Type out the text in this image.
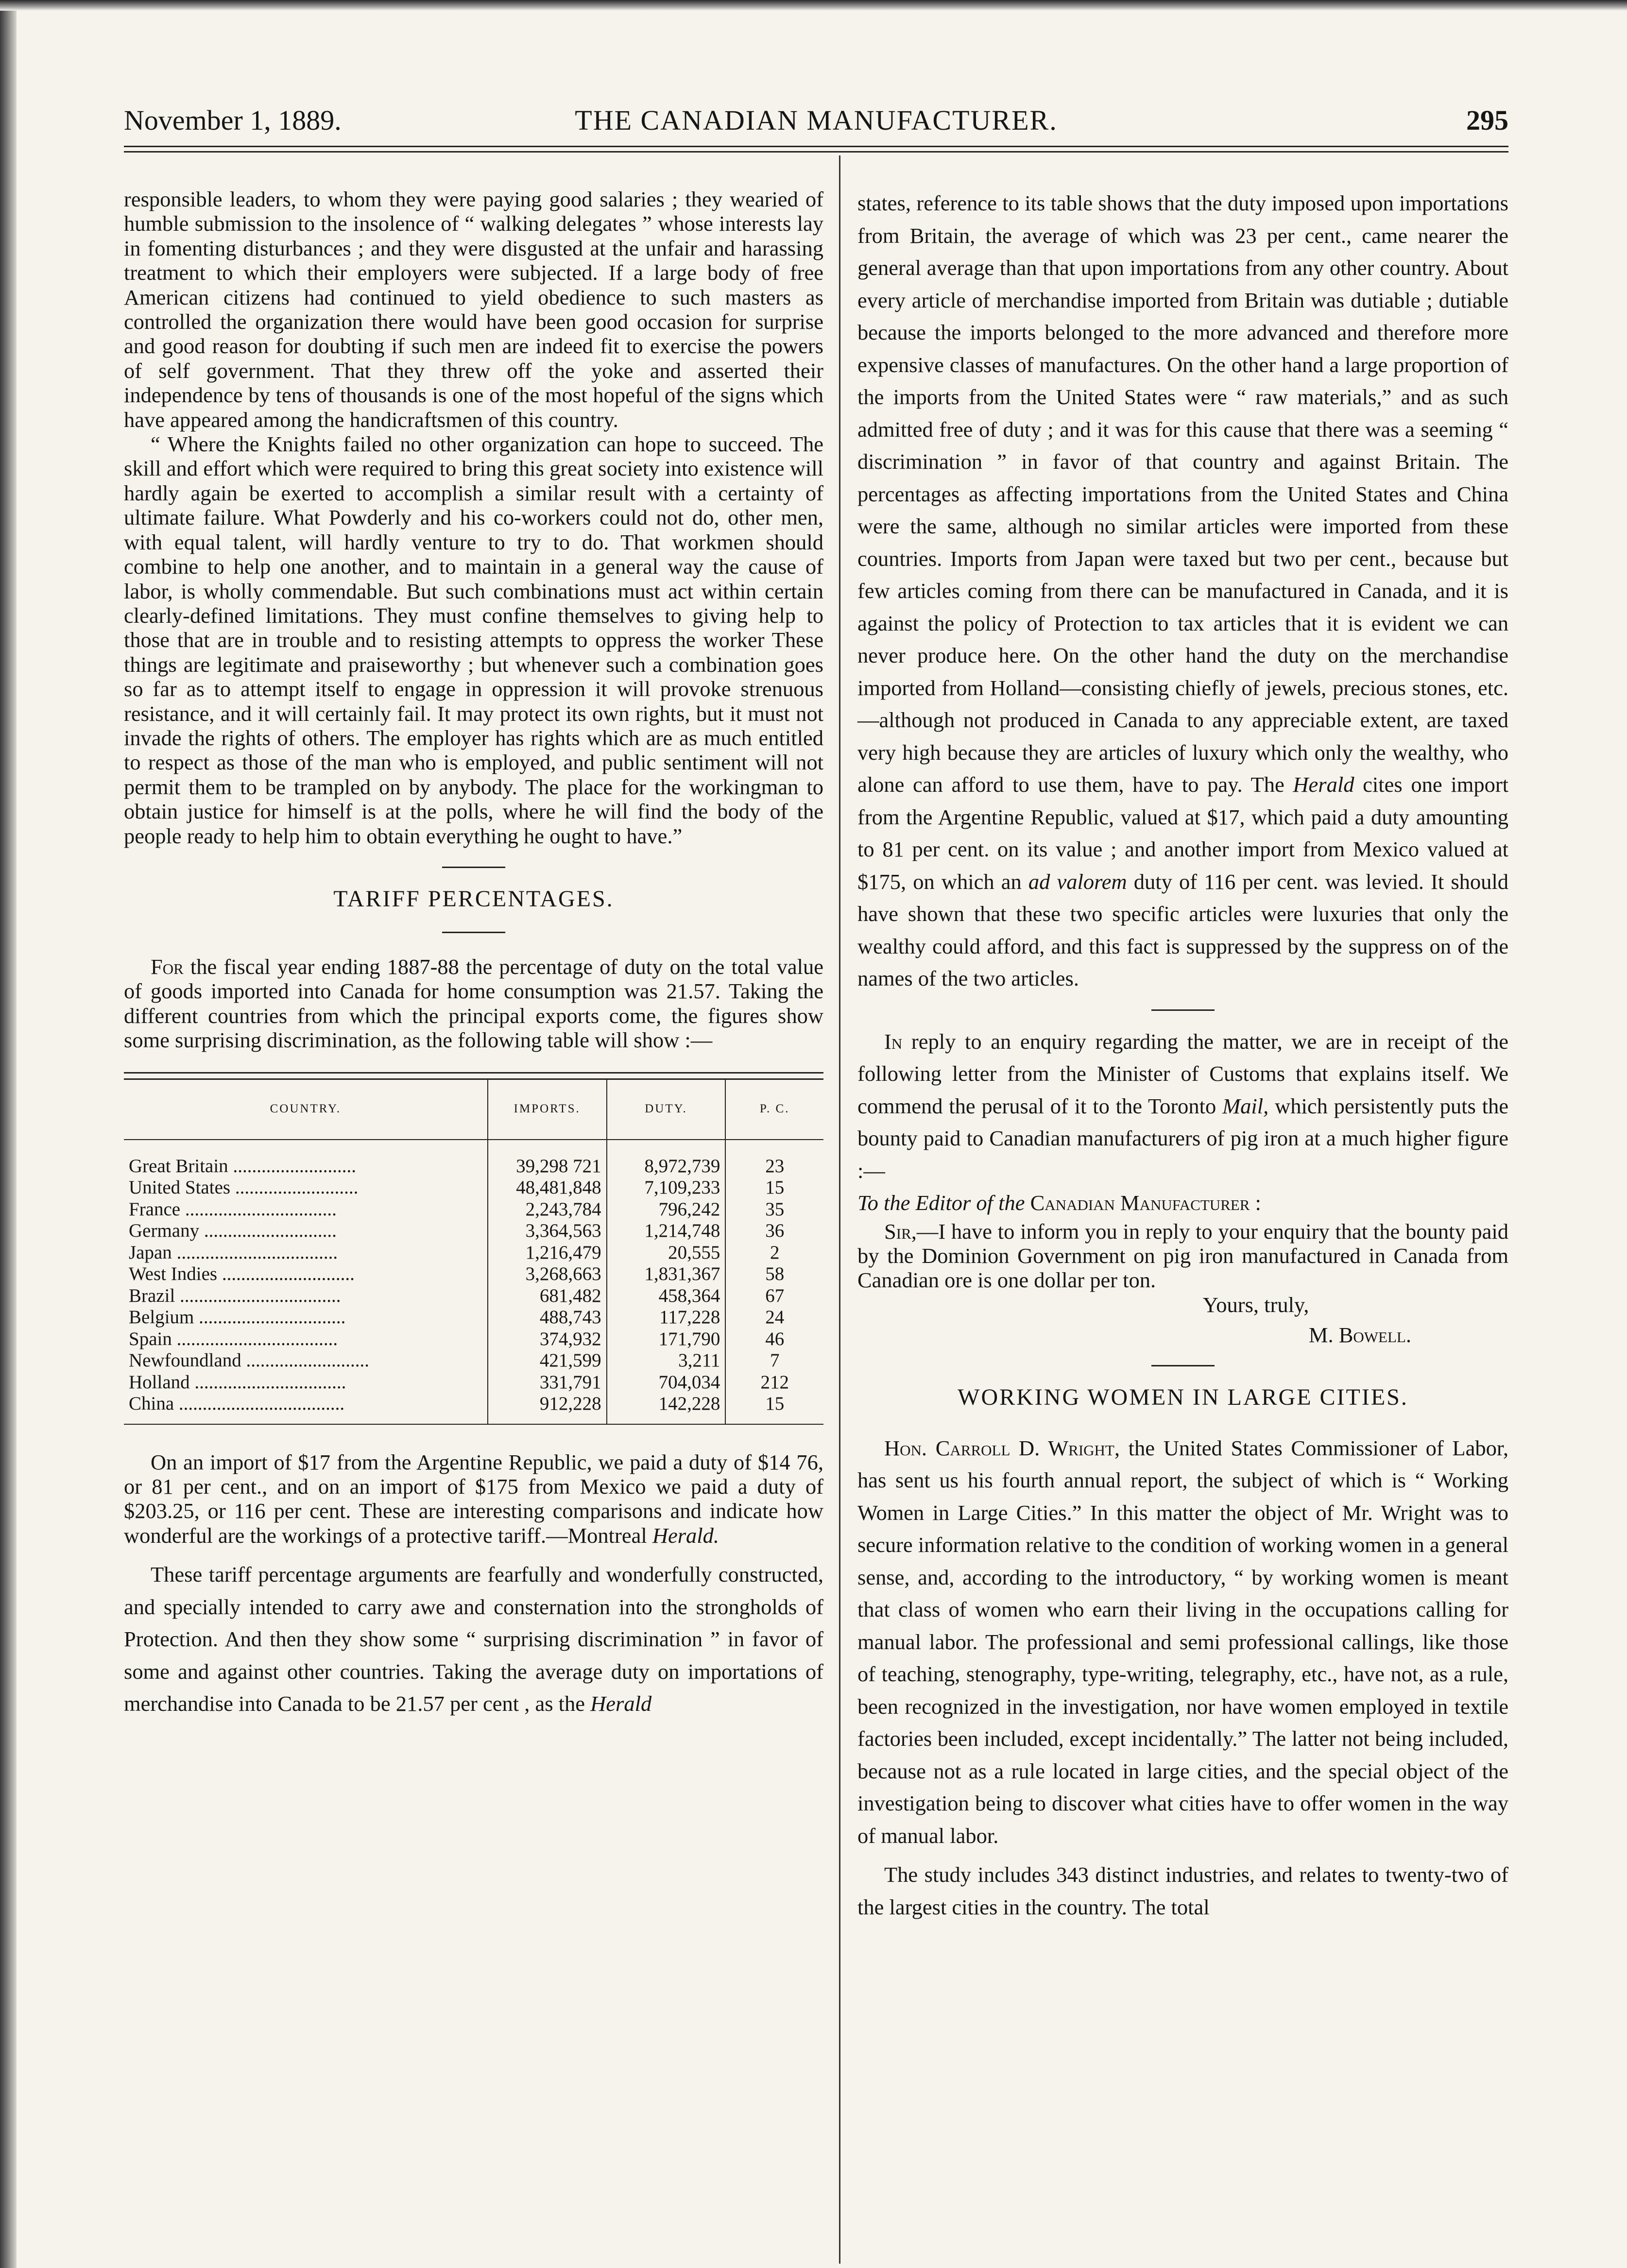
November 1, 1889.	THE CANADIAN MANUFACTURER.	295

responsible leaders, to whom they were paying good salaries ; they wearied of humble submission to the insolence of “ walking delegates ” whose interests lay in fomenting disturbances ; and they were disgusted at the unfair and harassing treatment to which their employers were subjected. If a large body of free American citizens had continued to yield obedience to such masters as controlled the organization there would have been good occasion for surprise and good reason for doubting if such men are indeed fit to exercise the powers of self government. That they threw off the yoke and asserted their independence by tens of thousands is one of the most hopeful of the signs which have appeared among the handicraftsmen of this country.

“ Where the Knights failed no other organization can hope to succeed. The skill and effort which were required to bring this great society into existence will hardly again be exerted to accomplish a similar result with a certainty of ultimate failure. What Powderly and his co-workers could not do, other men, with equal talent, will hardly venture to try to do. That workmen should combine to help one another, and to maintain in a general way the cause of labor, is wholly commendable. But such combinations must act within certain clearly-defined limitations. They must confine themselves to giving help to those that are in trouble and to resisting attempts to oppress the worker These things are legitimate and praiseworthy ; but whenever such a combination goes so far as to attempt itself to engage in oppression it will provoke strenuous resistance, and it will certainly fail. It may protect its own rights, but it must not invade the rights of others. The employer has rights which are as much entitled to respect as those of the man who is employed, and public sentiment will not permit them to be trampled on by anybody. The place for the workingman to obtain justice for himself is at the polls, where he will find the body of the people ready to help him to obtain everything he ought to have.”

TARIFF PERCENTAGES.

For the fiscal year ending 1887-88 the percentage of duty on the total value of goods imported into Canada for home consumption was 21.57. Taking the different countries from which the principal exports come, the figures show some surprising discrimination, as the following table will show :—

COUNTRY.	IMPORTS.	DUTY.	P. C.

Great Britain ..........................	39,298 721	8,972,739	23
United States ..........................	48,481,848	7,109,233	15
France ................................	2,243,784	796,242	35
Germany ............................	3,364,563	1,214,748	36
Japan ..................................	1,216,479	20,555	2
West Indies ............................	3,268,663	1,831,367	58
Brazil ..................................	681,482	458,364	67
Belgium ...............................	488,743	117,228	24
Spain ..................................	374,932	171,790	46
Newfoundland ..........................	421,599	3,211	7
Holland ................................	331,791	704,034	212
China ...................................	912,228	142,228	15

On an import of $17 from the Argentine Republic, we paid a duty of $14 76, or 81 per cent., and on an import of $175 from Mexico we paid a duty of $203.25, or 116 per cent. These are interesting comparisons and indicate how wonderful are the workings of a protective tariff.—Montreal Herald.

These tariff percentage arguments are fearfully and wonderfully constructed, and specially intended to carry awe and consternation into the strongholds of Protection. And then they show some “ surprising discrimination ” in favor of some and against other countries. Taking the average duty on importations of merchandise into Canada to be 21.57 per cent , as the Herald

states, reference to its table shows that the duty imposed upon importations from Britain, the average of which was 23 per cent., came nearer the general average than that upon importations from any other country. About every article of merchandise imported from Britain was dutiable ; dutiable because the imports belonged to the more advanced and therefore more expensive classes of manufactures. On the other hand a large proportion of the imports from the United States were “ raw materials,” and as such admitted free of duty ; and it was for this cause that there was a seeming “ discrimination ” in favor of that country and against Britain. The percentages as affecting importations from the United States and China were the same, although no similar articles were imported from these countries. Imports from Japan were taxed but two per cent., because but few articles coming from there can be manufactured in Canada, and it is against the policy of Protection to tax articles that it is evident we can never produce here. On the other hand the duty on the merchandise imported from Holland—consisting chiefly of jewels, precious stones, etc.—although not produced in Canada to any appreciable extent, are taxed very high because they are articles of luxury which only the wealthy, who alone can afford to use them, have to pay. The Herald cites one import from the Argentine Republic, valued at $17, which paid a duty amounting to 81 per cent. on its value ; and another import from Mexico valued at $175, on which an ad valorem duty of 116 per cent. was levied. It should have shown that these two specific articles were luxuries that only the wealthy could afford, and this fact is suppressed by the suppress on of the names of the two articles.

In reply to an enquiry regarding the matter, we are in receipt of the following letter from the Minister of Customs that explains itself. We commend the perusal of it to the Toronto Mail, which persistently puts the bounty paid to Canadian manufacturers of pig iron at a much higher figure :—

To the Editor of the Canadian Manufacturer :

Sir,—I have to inform you in reply to your enquiry that the bounty paid by the Dominion Government on pig iron manufactured in Canada from Canadian ore is one dollar per ton.

Yours, truly,

M. Bowell.

WORKING WOMEN IN LARGE CITIES.

Hon. Carroll D. Wright, the United States Commissioner of Labor, has sent us his fourth annual report, the subject of which is “ Working Women in Large Cities.” In this matter the object of Mr. Wright was to secure information relative to the condition of working women in a general sense, and, according to the introductory, “ by working women is meant that class of women who earn their living in the occupations calling for manual labor. The professional and semi professional callings, like those of teaching, stenography, type-writing, telegraphy, etc., have not, as a rule, been recognized in the investigation, nor have women employed in textile factories been included, except incidentally.” The latter not being included, because not as a rule located in large cities, and the special object of the investigation being to discover what cities have to offer women in the way of manual labor.

The study includes 343 distinct industries, and relates to twenty-two of the largest cities in the country. The total
